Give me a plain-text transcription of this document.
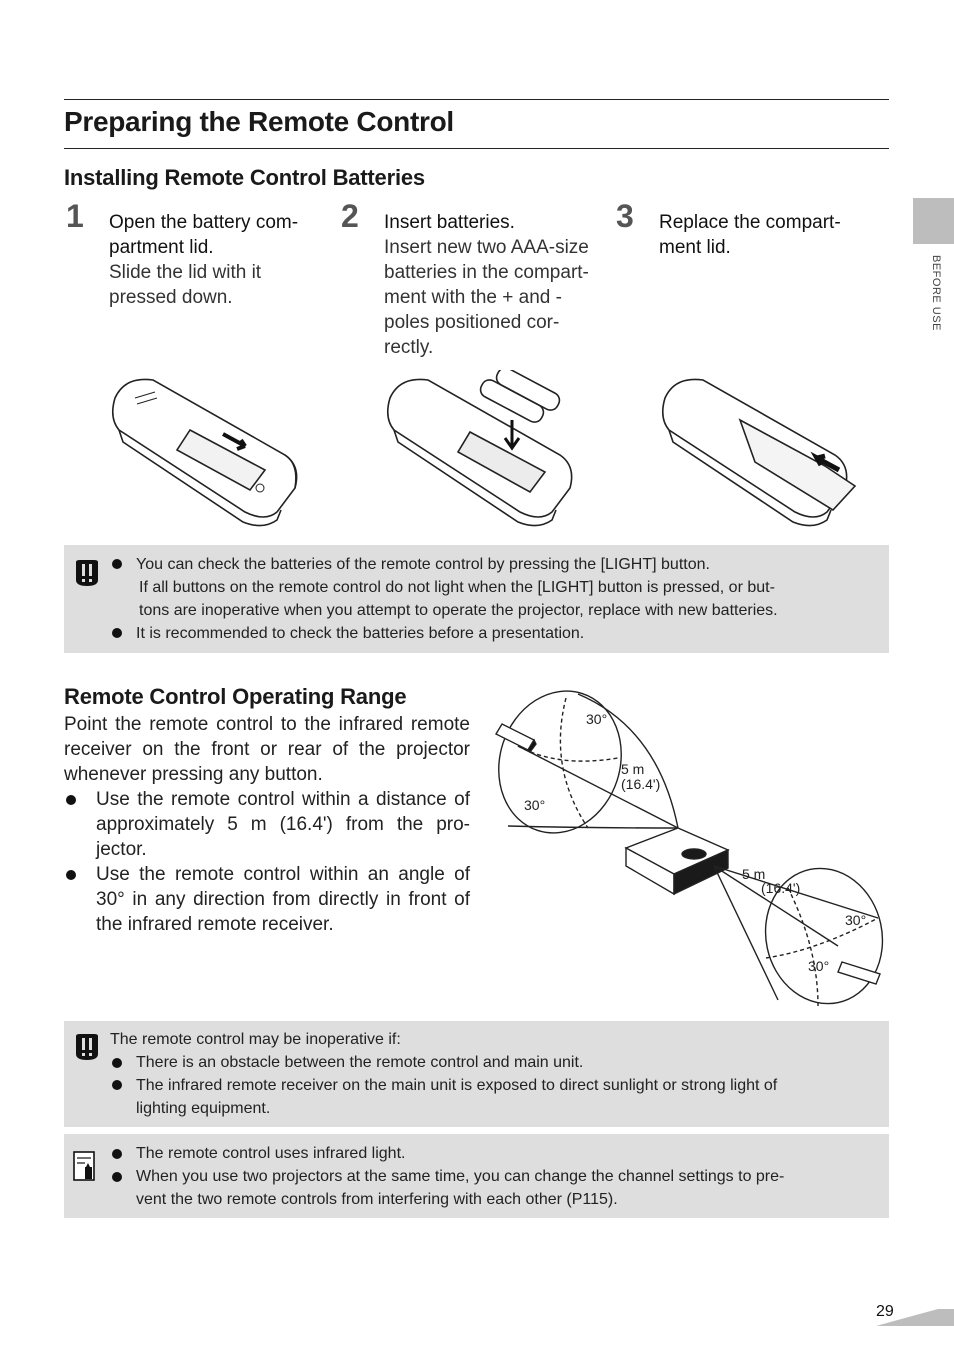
Preparing the Remote Control
BEFORE USE
Installing Remote Control Batteries
1 Open the battery com-
partment lid.
Slide the lid with it
pressed down.
2 Insert batteries.
Insert new two AAA-size
batteries in the compart-
ment with the + and -
poles positioned cor-
rectly.
3 Replace the compart-
ment lid.
You can check the batteries of the remote control by pressing the [LIGHT] button.
If all buttons on the remote control do not light when the [LIGHT] button is pressed, or but-
tons are inoperative when you attempt to operate the projector, replace with new batteries.
It is recommended to check the batteries before a presentation.
Remote Control Operating Range
Point the remote control to the infrared remote receiver on the front or rear of the projector whenever pressing any button.
Use the remote control within a distance of approximately 5 m (16.4') from the pro-jector.
Use the remote control within an angle of 30° in any direction from directly in front of the infrared remote receiver.
30°
30°
5 m
(16.4')
5 m
(16.4')
30°
30°
The remote control may be inoperative if:
There is an obstacle between the remote control and main unit.
The infrared remote receiver on the main unit is exposed to direct sunlight or strong light of
lighting equipment.
The remote control uses infrared light.
When you use two projectors at the same time, you can change the channel settings to pre-
vent the two remote controls from interfering with each other (P115).
29
